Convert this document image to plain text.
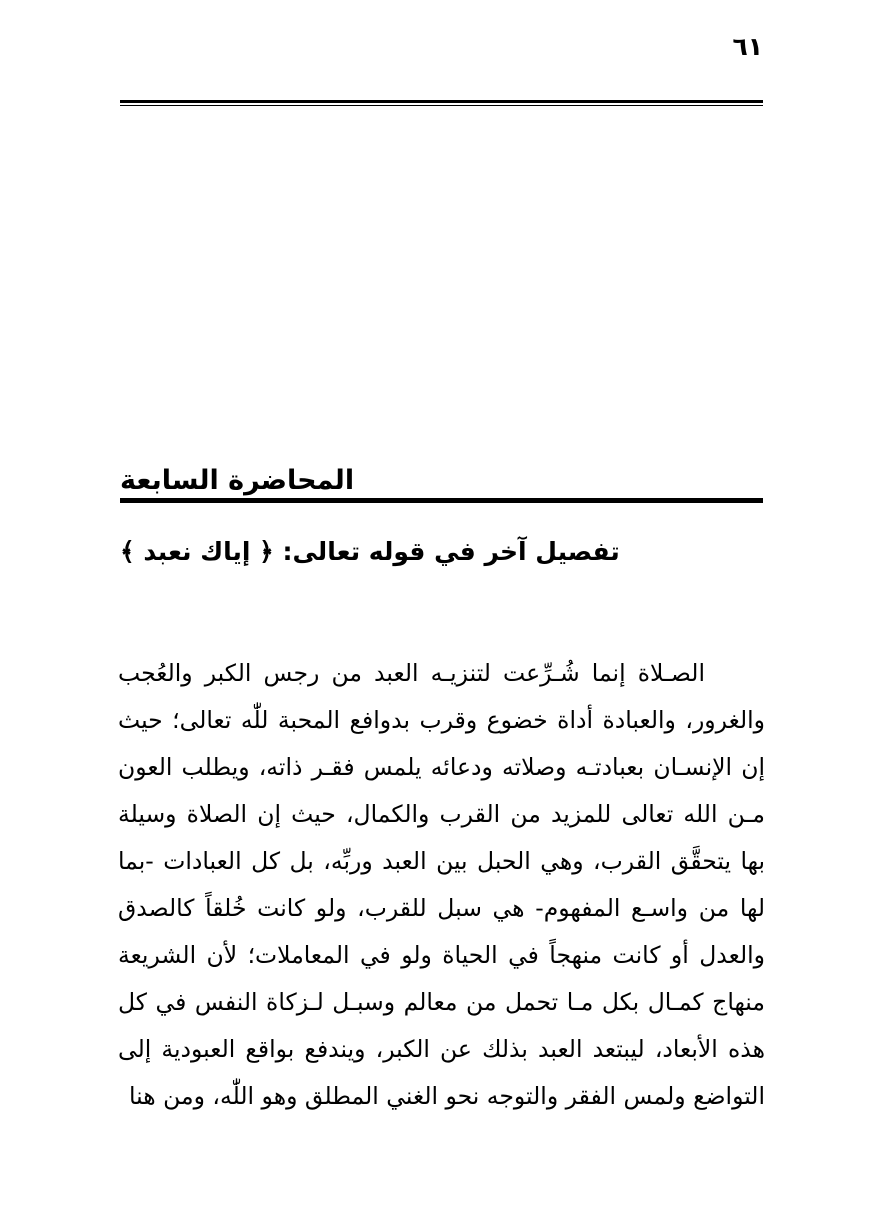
٦١
المحاضرة السابعة
تفصيل آخر في قوله تعالى: ﴿ إياك نعبد ﴾

الصـلاة إنما شُـرِّعت لتنزيـه العبد من رجس الكبر والعُجب والغرور، والعبادة أداة خضوع وقرب بدوافع المحبة للّٰه تعالى؛ حيث إن الإنسـان بعبادتـه وصلاته ودعائه يلمس فقـر ذاته، ويطلب العون مـن الله تعالى للمزيد من القرب والكمال، حيث إن الصلاة وسيلة بها يتحقَّق القرب، وهي الحبل بين العبد وربِّه، بل كل العبادات -بما لها من واسـع المفهوم- هي سبل للقرب، ولو كانت خُلقاً كالصدق والعدل أو كانت منهجاً في الحياة ولو في المعاملات؛ لأن الشريعة منهاج كمـال بكل مـا تحمل من معالم وسبـل لـزكاة النفس في كل هذه الأبعاد، ليبتعد العبد بذلك عن الكبر، ويندفع بواقع العبودية إلى التواضع ولمس الفقر والتوجه نحو الغني المطلق وهو اللّٰه، ومن هنا
